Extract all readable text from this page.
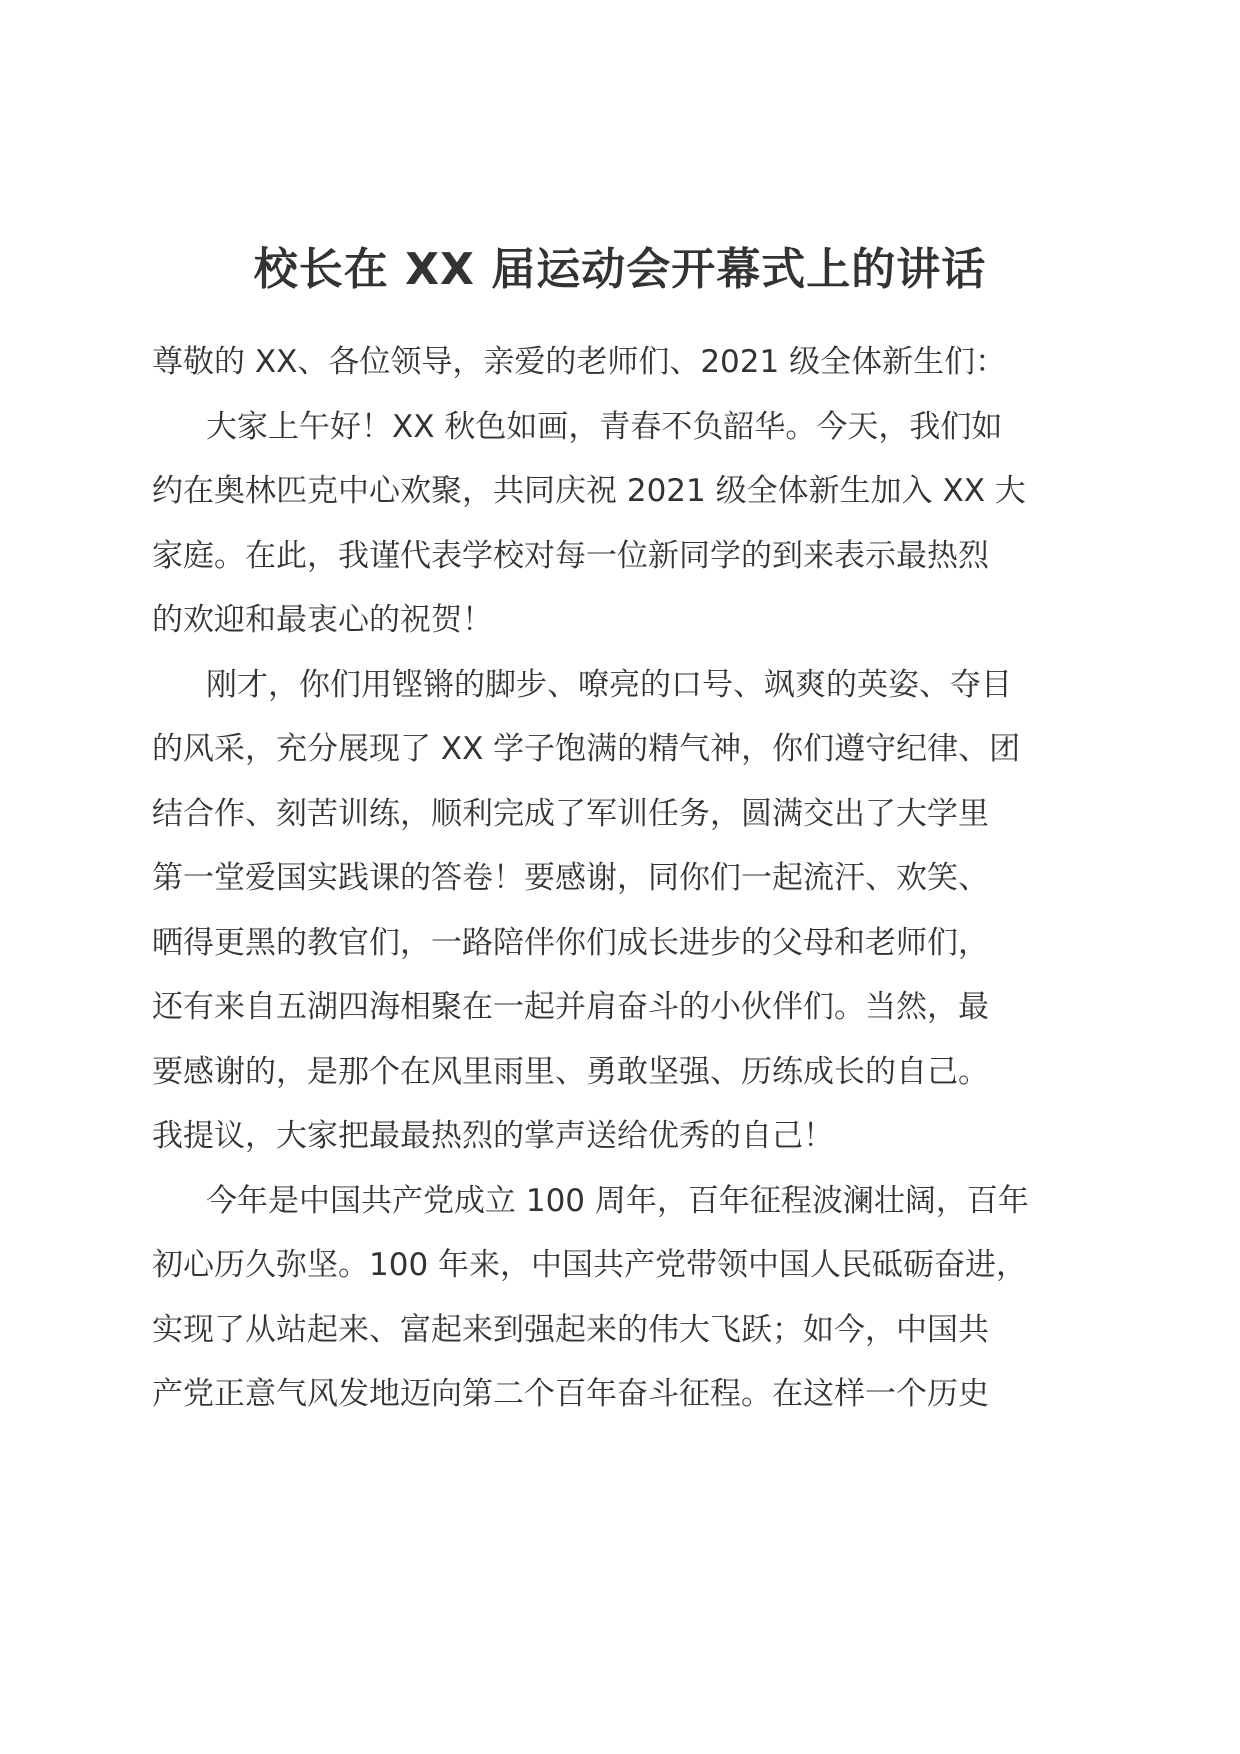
校长在 XX 届运动会开幕式上的讲话
尊敬的 XX、各位领导，亲爱的老师们、2021 级全体新生们：
大家上午好！XX 秋色如画，青春不负韶华。今天，我们如
约在奥林匹克中心欢聚，共同庆祝 2021 级全体新生加入 XX 大
家庭。在此，我谨代表学校对每一位新同学的到来表示最热烈
的欢迎和最衷心的祝贺！
刚才，你们用铿锵的脚步、嘹亮的口号、飒爽的英姿、夺目
的风采，充分展现了 XX 学子饱满的精气神，你们遵守纪律、团
结合作、刻苦训练，顺利完成了军训任务，圆满交出了大学里
第一堂爱国实践课的答卷！要感谢，同你们一起流汗、欢笑、
晒得更黑的教官们，一路陪伴你们成长进步的父母和老师们，
还有来自五湖四海相聚在一起并肩奋斗的小伙伴们。当然，最
要感谢的，是那个在风里雨里、勇敢坚强、历练成长的自己。
我提议，大家把最最热烈的掌声送给优秀的自己！
今年是中国共产党成立 100 周年，百年征程波澜壮阔，百年
初心历久弥坚。100 年来，中国共产党带领中国人民砥砺奋进，
实现了从站起来、富起来到强起来的伟大飞跃；如今，中国共
产党正意气风发地迈向第二个百年奋斗征程。在这样一个历史
